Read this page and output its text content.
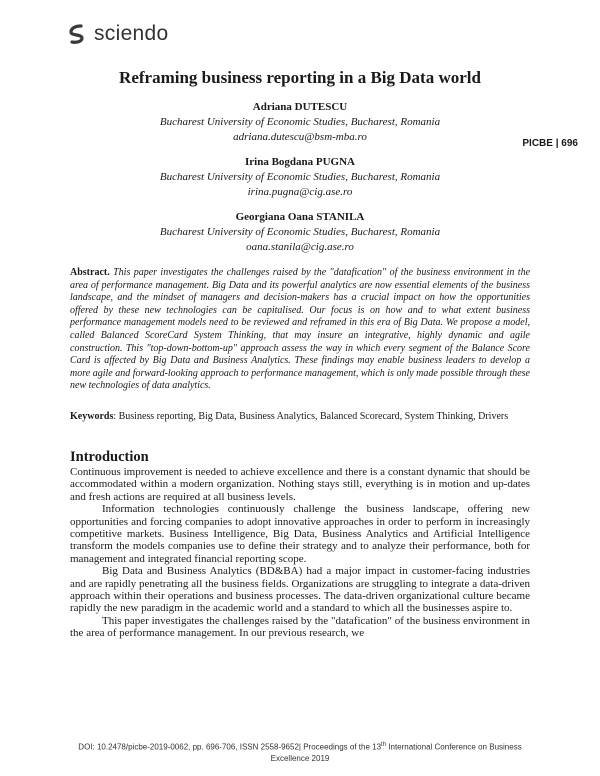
sciendo
PICBE | 696
Reframing business reporting in a Big Data world
Adriana DUTESCU
Bucharest University of Economic Studies, Bucharest, Romania
adriana.dutescu@bsm-mba.ro
Irina Bogdana PUGNA
Bucharest University of Economic Studies, Bucharest, Romania
irina.pugna@cig.ase.ro
Georgiana Oana STANILA
Bucharest University of Economic Studies, Bucharest, Romania
oana.stanila@cig.ase.ro
Abstract. This paper investigates the challenges raised by the "datafication" of the business environment in the area of performance management. Big Data and its powerful analytics are now essential elements of the business landscape, and the mindset of managers and decision-makers has a crucial impact on how the opportunities offered by these new technologies can be capitalised. Our focus is on how and to what extent business performance management models need to be reviewed and reframed in this era of Big Data. We propose a model, called Balanced ScoreCard System Thinking, that may insure an integrative, highly dynamic and agile construction. This "top-down-bottom-up" approach assess the way in which every segment of the Balance Score Card is affected by Big Data and Business Analytics. These findings may enable business leaders to develop a more agile and forward-looking approach to performance management, which is only made possible through these new technologies of data analytics.
Keywords: Business reporting, Big Data, Business Analytics, Balanced Scorecard, System Thinking, Drivers
Introduction

Continuous improvement is needed to achieve excellence and there is a constant dynamic that should be accommodated within a modern organization. Nothing stays still, everything is in motion and up-dates and fresh actions are required at all business levels.

Information technologies continuously challenge the business landscape, offering new opportunities and forcing companies to adopt innovative approaches in order to perform in increasingly competitive markets. Business Intelligence, Big Data, Business Analytics and Artificial Intelligence transform the models companies use to define their strategy and to analyze their performance, both for management and integrated financial reporting scope.

Big Data and Business Analytics (BD&BA) had a major impact in customer-facing industries and are rapidly penetrating all the business fields. Organizations are struggling to integrate a data-driven approach within their operations and business processes. The data-driven organizational culture became rapidly the new paradigm in the academic world and a standard to which all the businesses aspire to.

This paper investigates the challenges raised by the "datafication" of the business environment in the area of performance management. In our previous research, we

DOI: 10.2478/picbe-2019-0062, pp. 696-706, ISSN 2558-9652| Proceedings of the 13th International Conference on Business Excellence 2019
